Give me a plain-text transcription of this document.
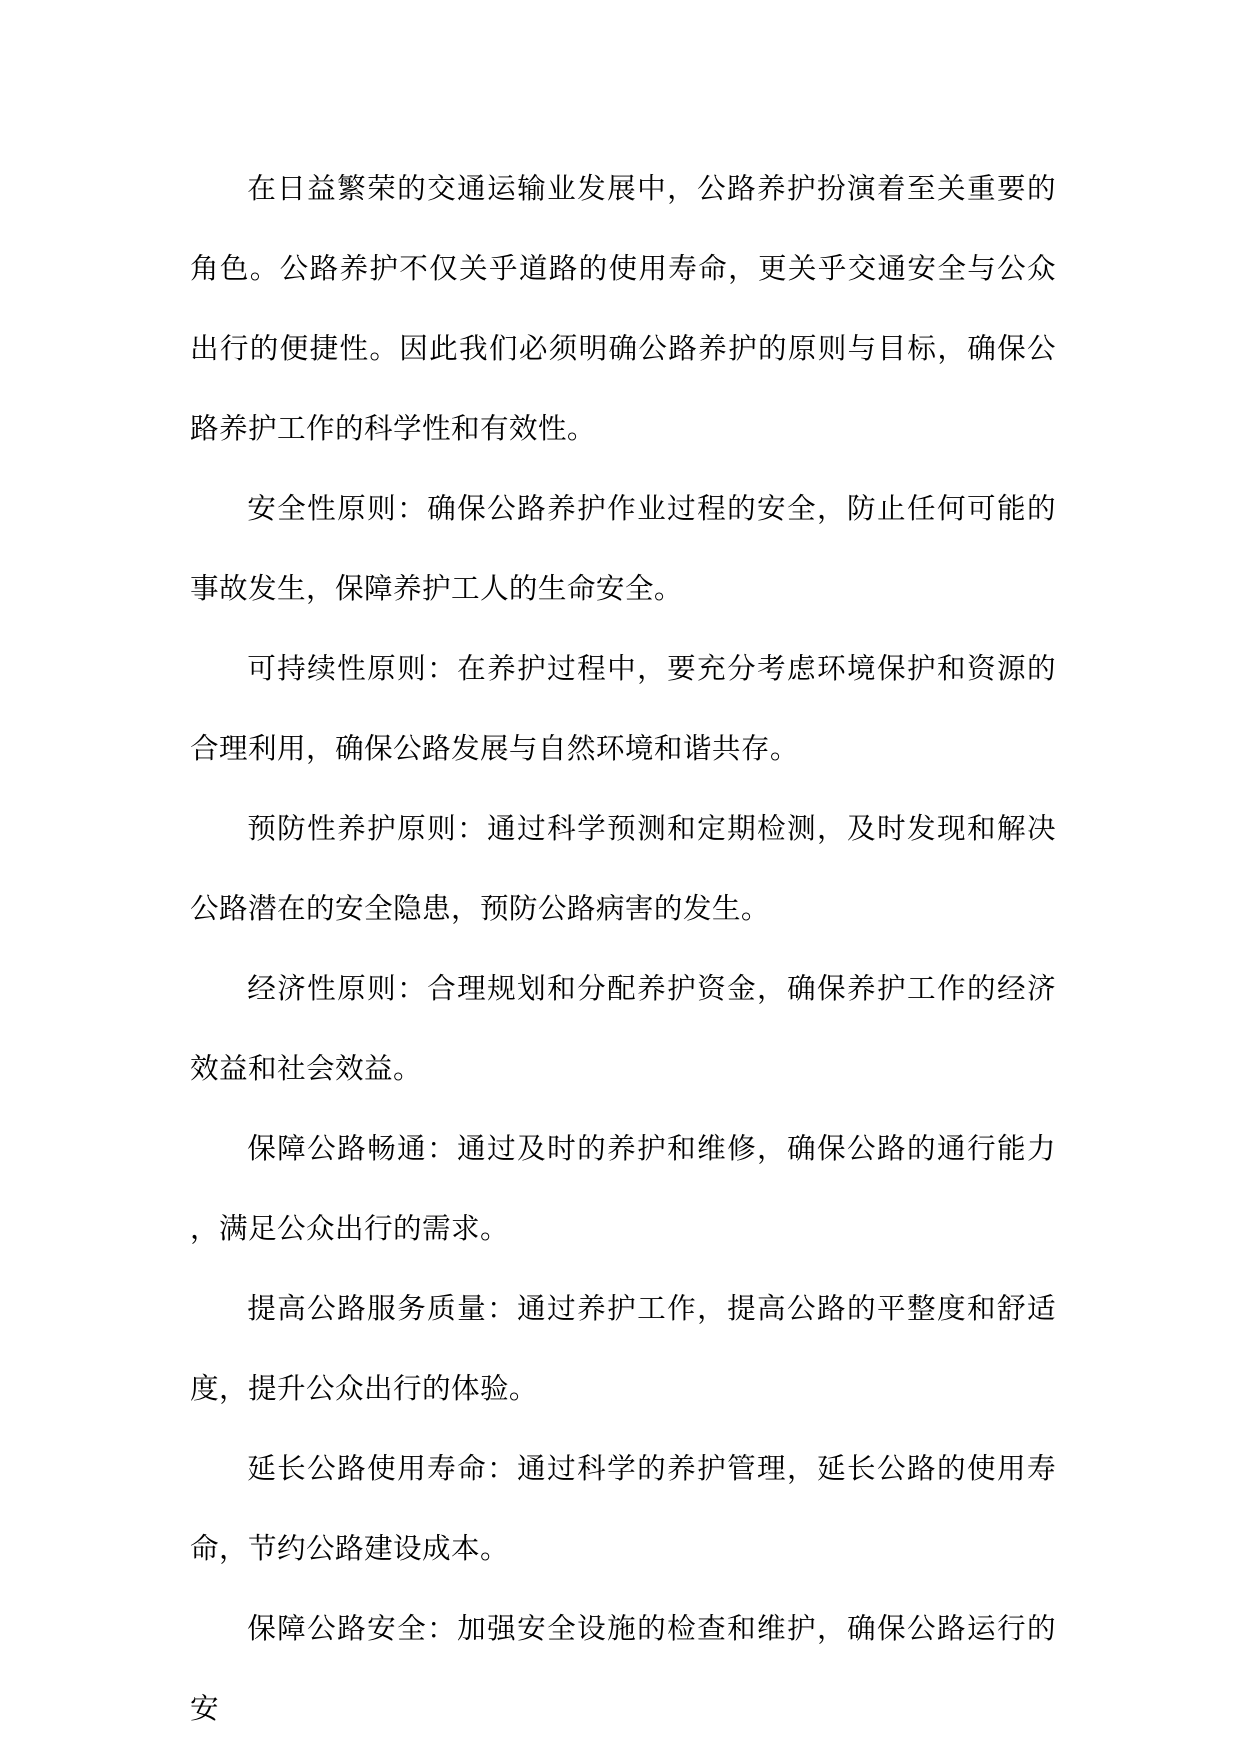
在日益繁荣的交通运输业发展中，公路养护扮演着至关重要的角色。公路养护不仅关乎道路的使用寿命，更关乎交通安全与公众出行的便捷性。因此我们必须明确公路养护的原则与目标，确保公路养护工作的科学性和有效性。

安全性原则：确保公路养护作业过程的安全，防止任何可能的事故发生，保障养护工人的生命安全。

可持续性原则：在养护过程中，要充分考虑环境保护和资源的合理利用，确保公路发展与自然环境和谐共存。

预防性养护原则：通过科学预测和定期检测，及时发现和解决公路潜在的安全隐患，预防公路病害的发生。

经济性原则：合理规划和分配养护资金，确保养护工作的经济效益和社会效益。

保障公路畅通：通过及时的养护和维修，确保公路的通行能力，满足公众出行的需求。

提高公路服务质量：通过养护工作，提高公路的平整度和舒适度，提升公众出行的体验。

延长公路使用寿命：通过科学的养护管理，延长公路的使用寿命，节约公路建设成本。

保障公路安全：加强安全设施的检查和维护，确保公路运行的安
